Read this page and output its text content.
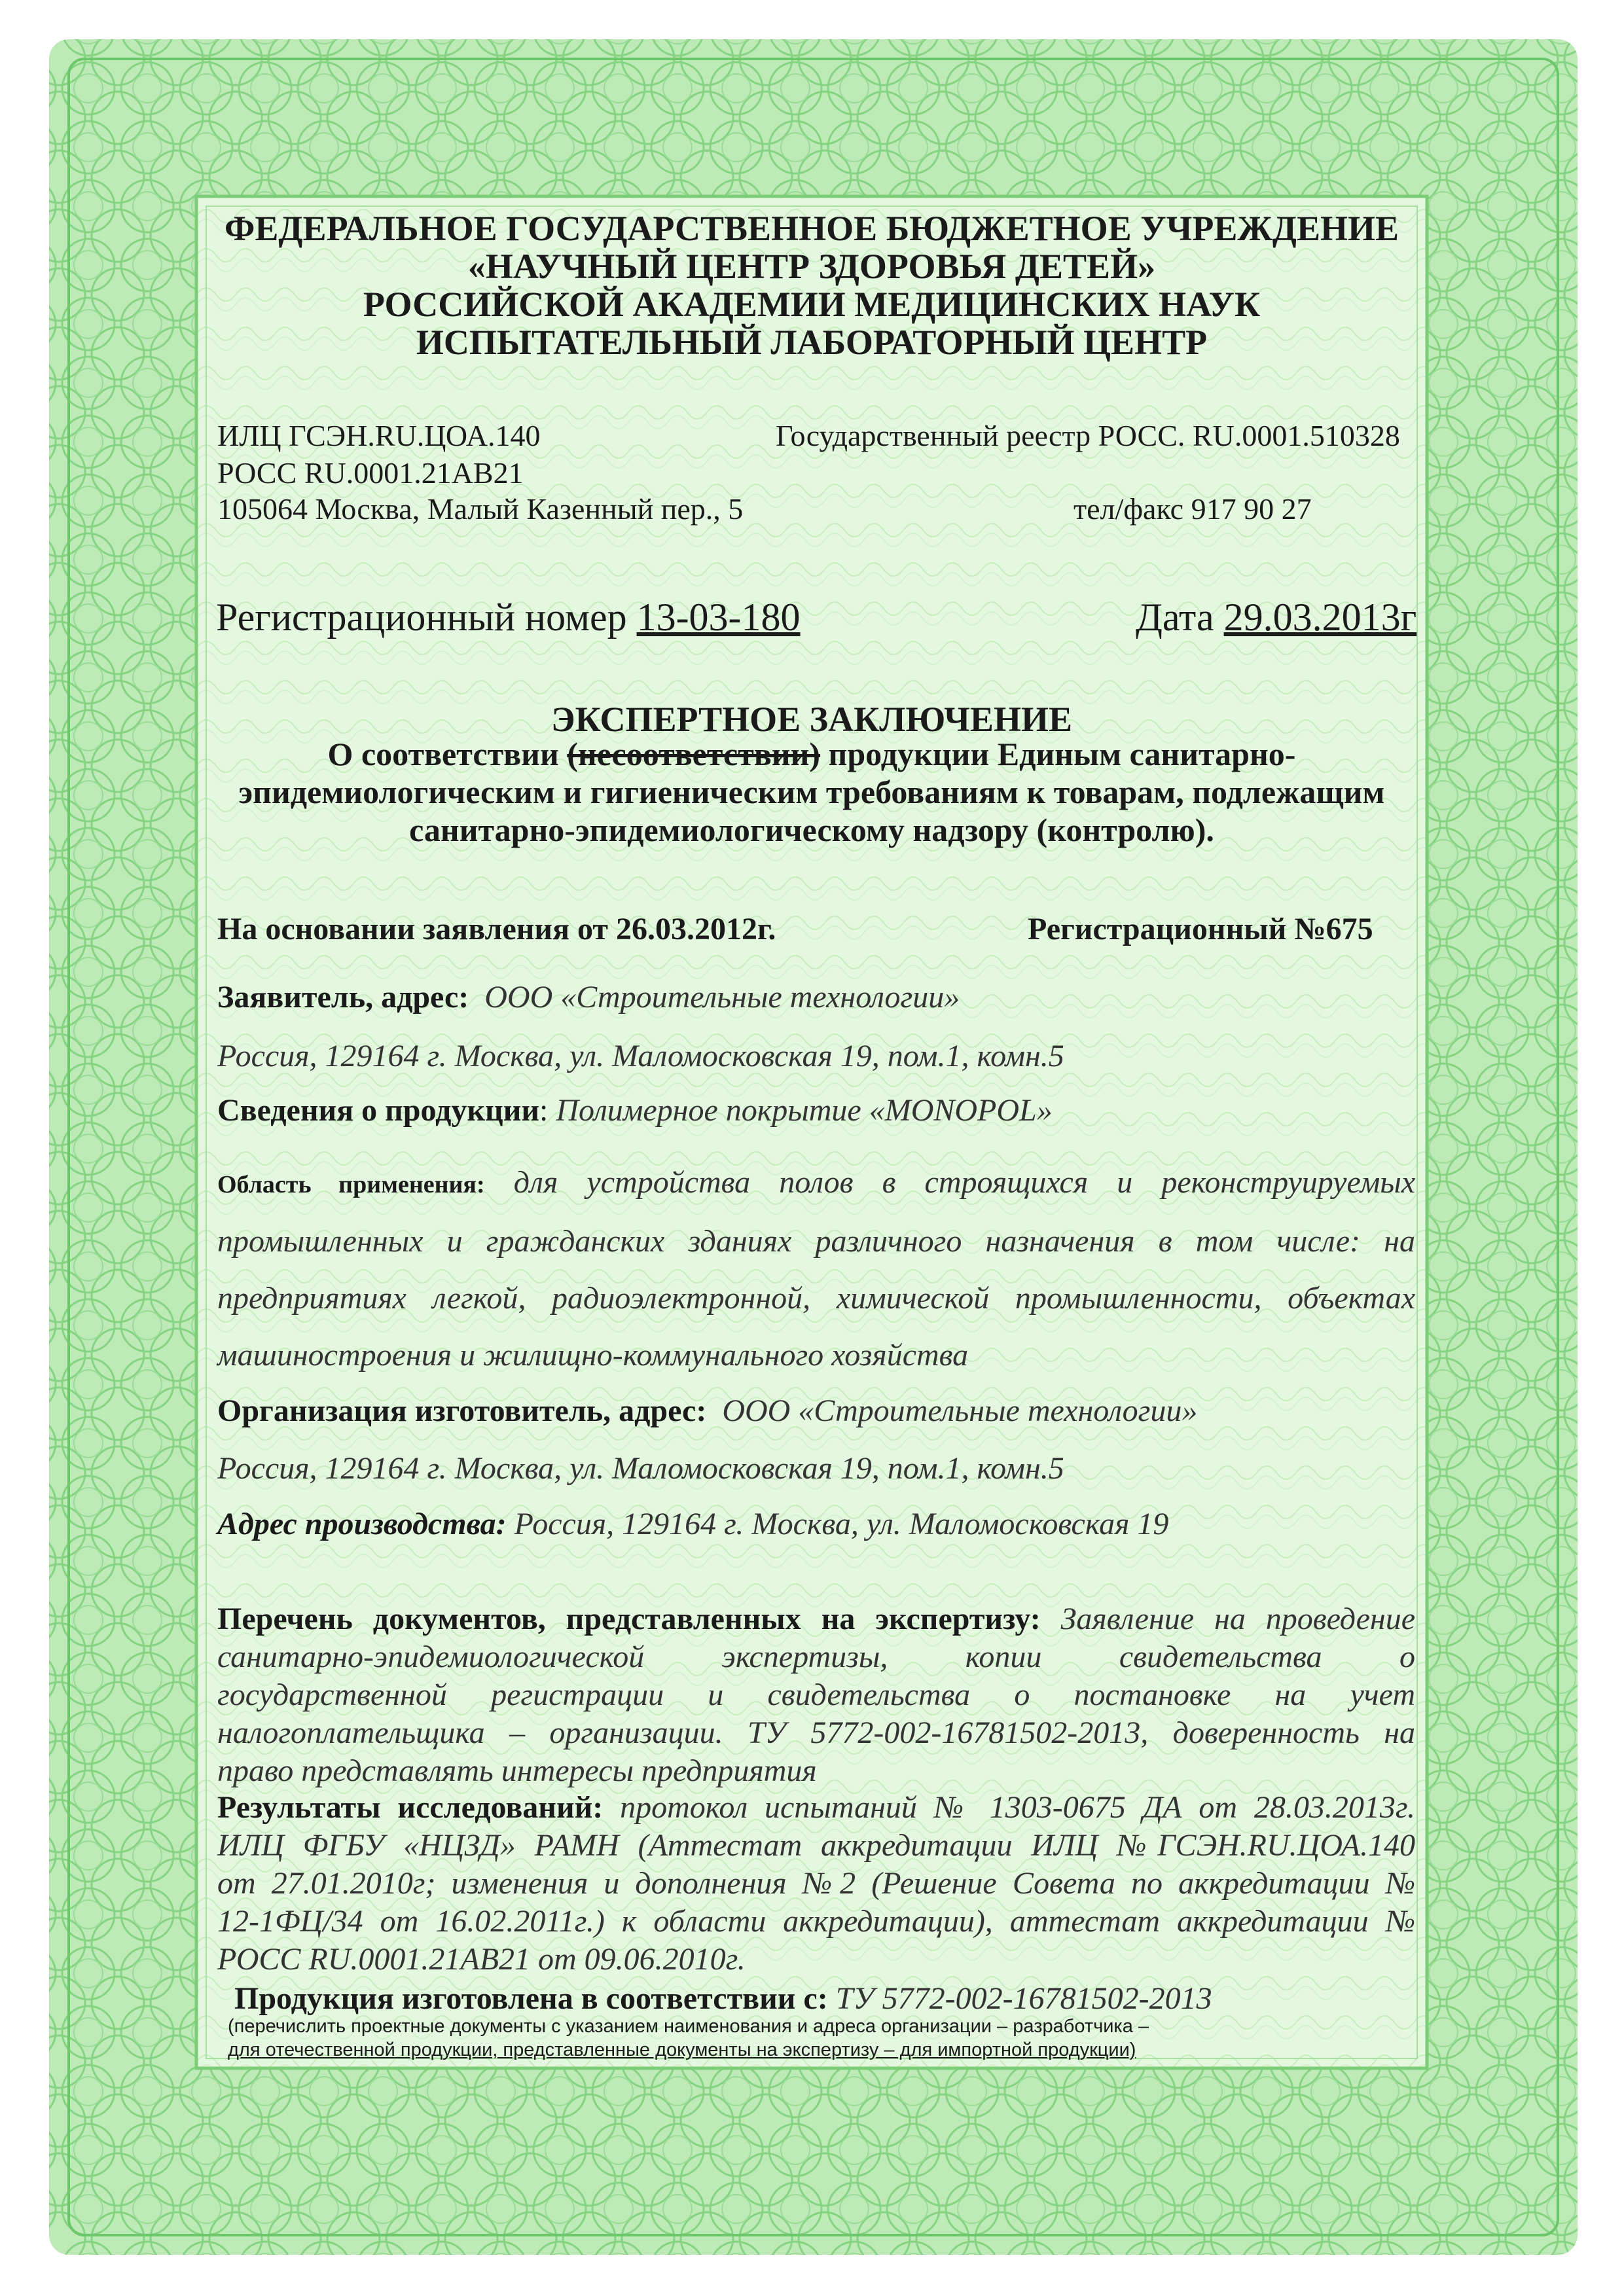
ФЕДЕРАЛЬНОЕ ГОСУДАРСТВЕННОЕ БЮДЖЕТНОЕ УЧРЕЖДЕНИЕ
«НАУЧНЫЙ ЦЕНТР ЗДОРОВЬЯ ДЕТЕЙ»
РОССИЙСКОЙ АКАДЕМИИ МЕДИЦИНСКИХ НАУК
ИСПЫТАТЕЛЬНЫЙ ЛАБОРАТОРНЫЙ ЦЕНТР
ИЛЦ ГСЭН.RU.ЦОА.140	Государственный реестр РОСС. RU.0001.510328
РОСС RU.0001.21АВ21
105064 Москва, Малый Казенный пер., 5	тел/факс 917 90 27
Регистрационный номер 13-03-180	Дата 29.03.2013г
ЭКСПЕРТНОЕ ЗАКЛЮЧЕНИЕ
О соответствии (несоответствии) продукции Единым санитарно-
эпидемиологическим и гигиеническим требованиям к товарам, подлежащим
санитарно-эпидемиологическому надзору (контролю).
На основании заявления от 26.03.2012г.	Регистрационный №675
Заявитель, адрес: ООО «Строительные технологии»
Россия, 129164 г. Москва, ул. Маломосковская 19, пом.1, комн.5
Сведения о продукции: Полимерное покрытие «MONOPOL»
Область применения: для устройства полов в строящихся и реконструируемых
промышленных и гражданских зданиях различного назначения в том числе: на
предприятиях легкой, радиоэлектронной, химической промышленности, объектах
машиностроения и жилищно-коммунального хозяйства
Организация изготовитель, адрес: ООО «Строительные технологии»
Россия, 129164 г. Москва, ул. Маломосковская 19, пом.1, комн.5
Адрес производства: Россия, 129164 г. Москва, ул. Маломосковская 19
Перечень документов, представленных на экспертизу: Заявление на проведение
санитарно-эпидемиологической экспертизы, копии свидетельства о
государственной регистрации и свидетельства о постановке на учет
налогоплательщика – организации. ТУ 5772-002-16781502-2013, доверенность на
право представлять интересы предприятия
Результаты исследований: протокол испытаний № 1303-0675 ДА от 28.03.2013г.
ИЛЦ ФГБУ «НЦЗД» РАМН (Аттестат аккредитации ИЛЦ №ГСЭН.RU.ЦОА.140
от 27.01.2010г; изменения и дополнения №2 (Решение Совета по аккредитации №
12-1ФЦ/34 от 16.02.2011г.) к области аккредитации), аттестат аккредитации №
РОСС RU.0001.21АВ21 от 09.06.2010г.
Продукция изготовлена в соответствии с: ТУ 5772-002-16781502-2013
(перечислить проектные документы с указанием наименования и адреса организации – разработчика –
для отечественной продукции, представленные документы на экспертизу – для импортной продукции)
